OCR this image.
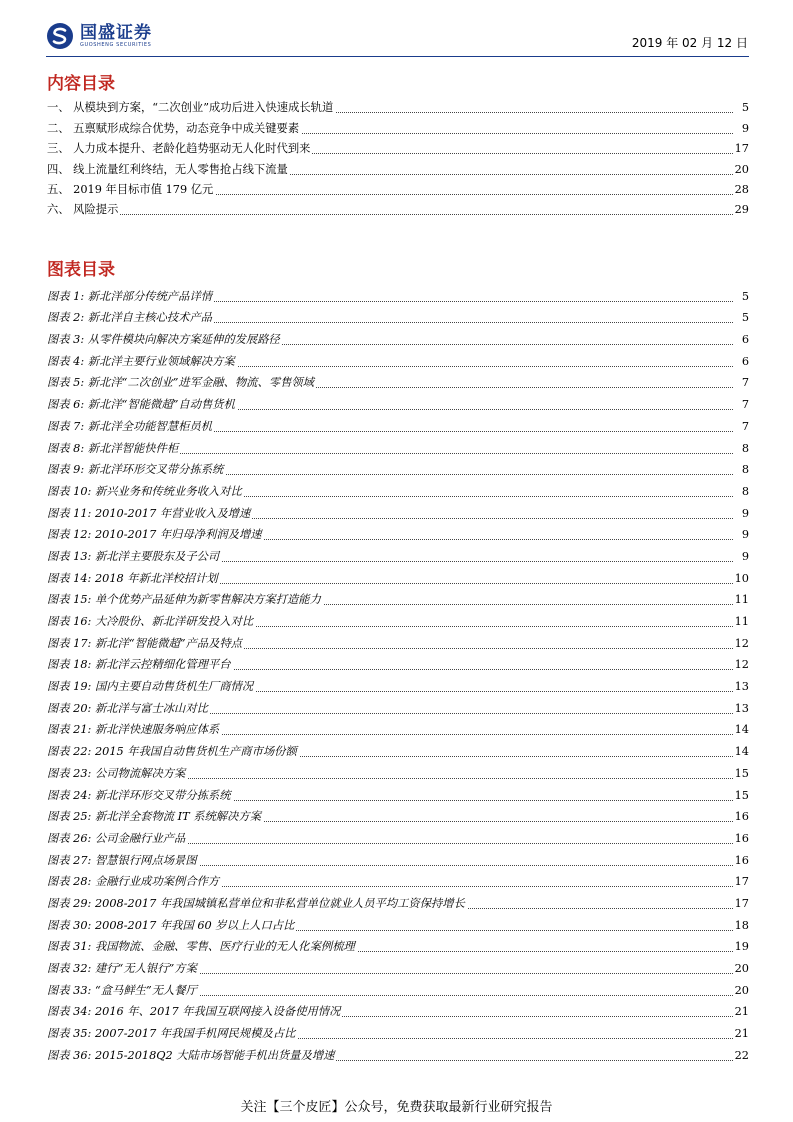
国盛证券
GUOSHENG SECURITIES	2019 年 02 月 12 日
内容目录
一、 从模块到方案，“二次创业”成功后进入快速成长轨道	5
二、 五禀赋形成综合优势，动态竞争中成关键要素	9
三、 人力成本提升、老龄化趋势驱动无人化时代到来	17
四、 线上流量红利终结，无人零售抢占线下流量	20
五、 2019 年目标市值 179 亿元	28
六、 风险提示	29
图表目录
图表 1: 新北洋部分传统产品详情	5
图表 2: 新北洋自主核心技术产品	5
图表 3: 从零件模块向解决方案延伸的发展路径	6
图表 4: 新北洋主要行业领域解决方案	6
图表 5: 新北洋“二次创业”进军金融、物流、零售领域	7
图表 6: 新北洋“智能微超”自动售货机	7
图表 7: 新北洋全功能智慧柜员机	7
图表 8: 新北洋智能快件柜	8
图表 9: 新北洋环形交叉带分拣系统	8
图表 10: 新兴业务和传统业务收入对比	8
图表 11: 2010-2017 年营业收入及增速	9
图表 12: 2010-2017 年归母净利润及增速	9
图表 13: 新北洋主要股东及子公司	9
图表 14: 2018 年新北洋校招计划	10
图表 15: 单个优势产品延伸为新零售解决方案打造能力	11
图表 16: 大冷股份、新北洋研发投入对比	11
图表 17: 新北洋“智能微超”产品及特点	12
图表 18: 新北洋云控精细化管理平台	12
图表 19: 国内主要自动售货机生厂商情况	13
图表 20: 新北洋与富士冰山对比	13
图表 21: 新北洋快速服务响应体系	14
图表 22: 2015 年我国自动售货机生产商市场份额	14
图表 23: 公司物流解决方案	15
图表 24: 新北洋环形交叉带分拣系统	15
图表 25: 新北洋全套物流 IT 系统解决方案	16
图表 26: 公司金融行业产品	16
图表 27: 智慧银行网点场景图	16
图表 28: 金融行业成功案例合作方	17
图表 29: 2008-2017 年我国城镇私营单位和非私营单位就业人员平均工资保持增长	17
图表 30: 2008-2017 年我国 60 岁以上人口占比	18
图表 31: 我国物流、金融、零售、医疗行业的无人化案例梳理	19
图表 32: 建行“无人银行”方案	20
图表 33: “盒马鲜生”无人餐厅	20
图表 34: 2016 年、2017 年我国互联网接入设备使用情况	21
图表 35: 2007-2017 年我国手机网民规模及占比	21
图表 36: 2015-2018Q2 大陆市场智能手机出货量及增速	22
关注【三个皮匠】公众号，免费获取最新行业研究报告
